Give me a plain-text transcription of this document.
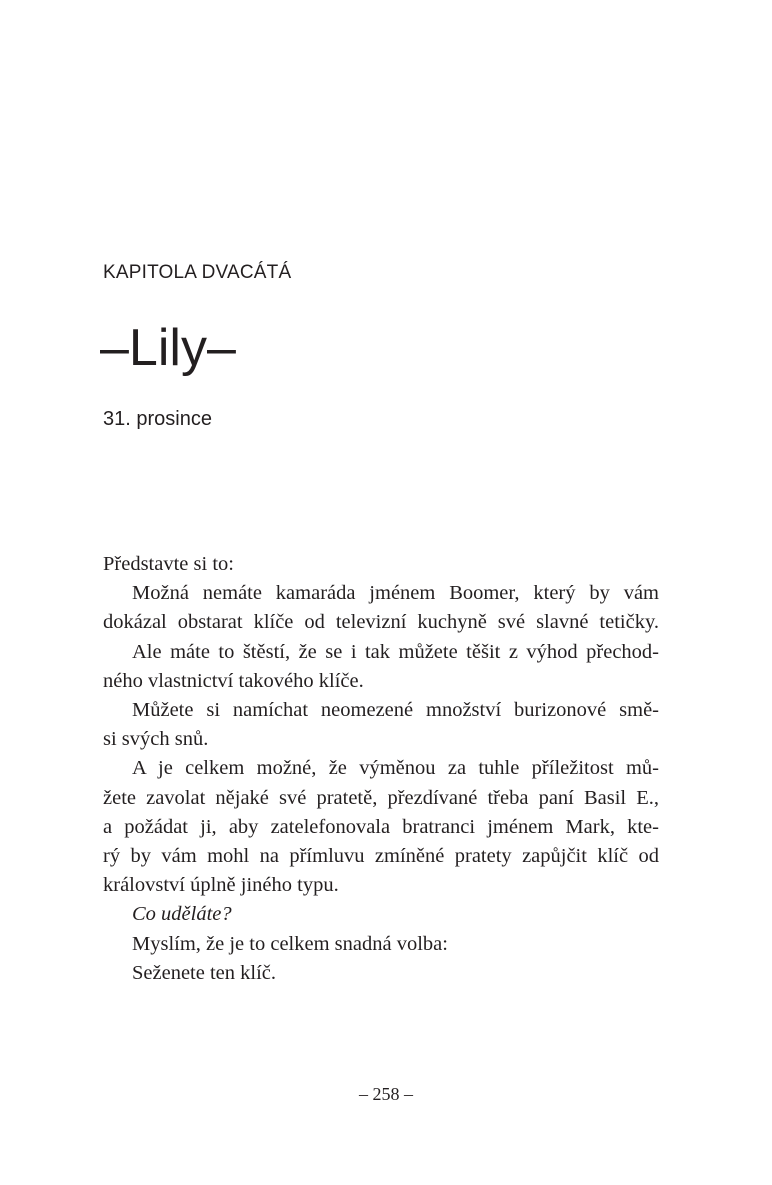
KAPITOLA DVACÁTÁ
–Lily–
31. prosince
Představte si to:
Možná nemáte kamaráda jménem Boomer, který by vám
dokázal obstarat klíče od televizní kuchyně své slavné tetičky.
Ale máte to štěstí, že se i tak můžete těšit z výhod přechod-
ného vlastnictví takového klíče.
Můžete si namíchat neomezené množství burizonové smě-
si svých snů.
A je celkem možné, že výměnou za tuhle příležitost mů-
žete zavolat nějaké své pratetě, přezdívané třeba paní Basil E.,
a požádat ji, aby zatelefonovala bratranci jménem Mark, kte-
rý by vám mohl na přímluvu zmíněné pratety zapůjčit klíč od
království úplně jiného typu.
Co uděláte?
Myslím, že je to celkem snadná volba:
Seženete ten klíč.
– 258 –
